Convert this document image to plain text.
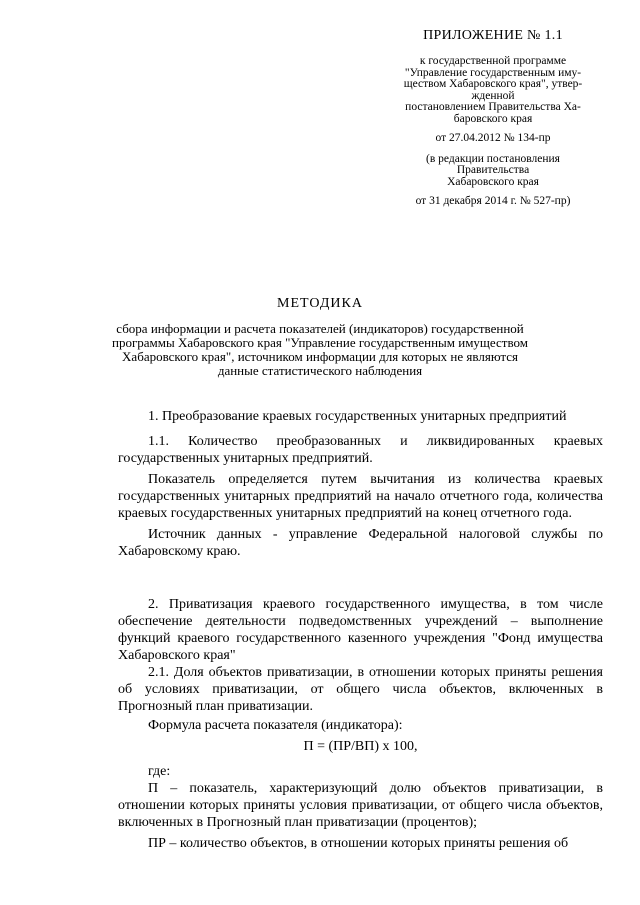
ПРИЛОЖЕНИЕ № 1.1
к государственной программе
"Управление государственным иму-
ществом Хабаровского края", утвер-
жденной
постановлением Правительства Ха-
баровского края
от 27.04.2012 № 134-пр
(в редакции постановления
Правительства
Хабаровского края
от 31 декабря 2014 г. № 527-пр)
МЕТОДИКА
сбора информации и расчета показателей (индикаторов) государственной
программы Хабаровского края "Управление государственным имуществом
Хабаровского края", источником информации для которых не являются
данные статистического наблюдения

1. Преобразование краевых государственных унитарных предприятий

1.1. Количество преобразованных и ликвидированных краевых государственных унитарных предприятий.

Показатель определяется путем вычитания из количества краевых государственных унитарных предприятий на начало отчетного года, количества краевых государственных унитарных предприятий на конец отчетного года.

Источник данных - управление Федеральной налоговой службы по Хабаровскому краю.

2. Приватизация краевого государственного имущества, в том числе обеспечение деятельности подведомственных учреждений – выполнение функций краевого государственного казенного учреждения "Фонд имущества Хабаровского края"

2.1. Доля объектов приватизации, в отношении которых приняты решения об условиях приватизации, от общего числа объектов, включенных в Прогнозный план приватизации.

Формула расчета показателя (индикатора):

П = (ПР/ВП) х 100,

где:

П – показатель, характеризующий долю объектов приватизации, в отношении которых приняты условия приватизации, от общего числа объектов, включенных в Прогнозный план приватизации (процентов);

ПР – количество объектов, в отношении которых приняты решения об
